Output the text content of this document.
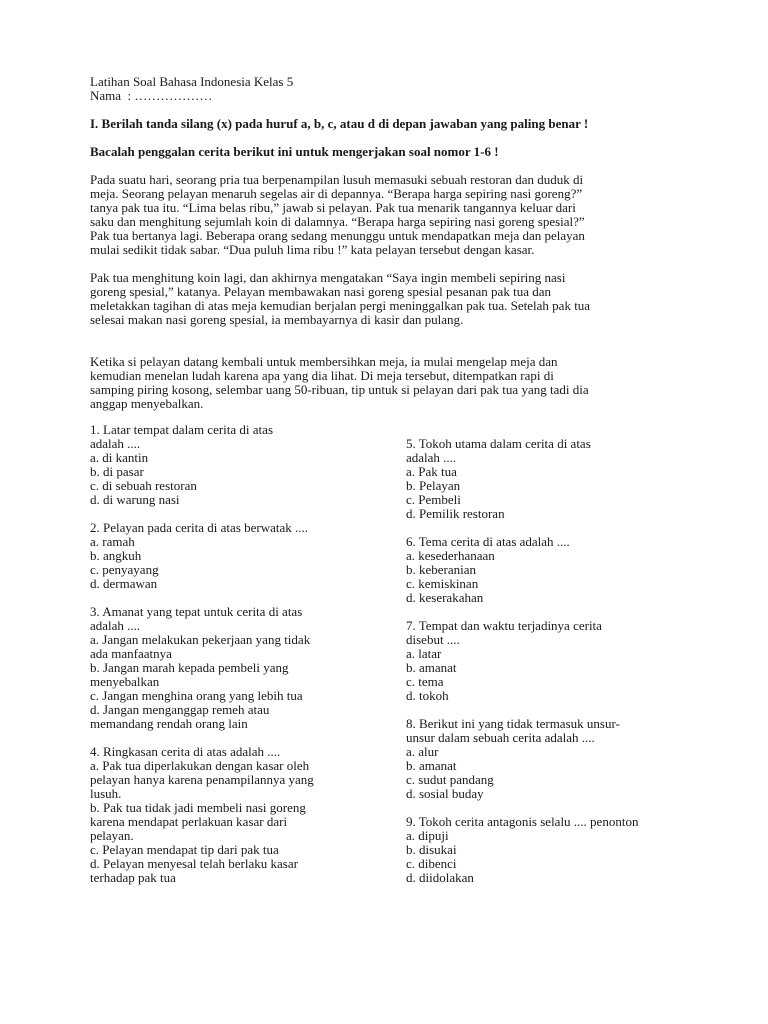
Latihan Soal Bahasa Indonesia Kelas 5
Nama  : ………………
I. Berilah tanda silang (x) pada huruf a, b, c, atau d di depan jawaban yang paling benar !
Bacalah penggalan cerita berikut ini untuk mengerjakan soal nomor 1-6 !
Pada suatu hari, seorang pria tua berpenampilan lusuh memasuki sebuah restoran dan duduk di
meja. Seorang pelayan menaruh segelas air di depannya. “Berapa harga sepiring nasi goreng?”
tanya pak tua itu. “Lima belas ribu,” jawab si pelayan. Pak tua menarik tangannya keluar dari
saku dan menghitung sejumlah koin di dalamnya. “Berapa harga sepiring nasi goreng spesial?”
Pak tua bertanya lagi. Beberapa orang sedang menunggu untuk mendapatkan meja dan pelayan
mulai sedikit tidak sabar. “Dua puluh lima ribu !” kata pelayan tersebut dengan kasar.
Pak tua menghitung koin lagi, dan akhirnya mengatakan “Saya ingin membeli sepiring nasi
goreng spesial,” katanya. Pelayan membawakan nasi goreng spesial pesanan pak tua dan
meletakkan tagihan di atas meja kemudian berjalan pergi meninggalkan pak tua. Setelah pak tua
selesai makan nasi goreng spesial, ia membayarnya di kasir dan pulang.
Ketika si pelayan datang kembali untuk membersihkan meja, ia mulai mengelap meja dan
kemudian menelan ludah karena apa yang dia lihat. Di meja tersebut, ditempatkan rapi di
samping piring kosong, selembar uang 50-ribuan, tip untuk si pelayan dari pak tua yang tadi dia
anggap menyebalkan.
1. Latar tempat dalam cerita di atas
adalah ....
a. di kantin
b. di pasar
c. di sebuah restoran
d. di warung nasi
2. Pelayan pada cerita di atas berwatak ....
a. ramah
b. angkuh
c. penyayang
d. dermawan
3. Amanat yang tepat untuk cerita di atas
adalah ....
a. Jangan melakukan pekerjaan yang tidak
ada manfaatnya
b. Jangan marah kepada pembeli yang
menyebalkan
c. Jangan menghina orang yang lebih tua
d. Jangan menganggap remeh atau
memandang rendah orang lain
4. Ringkasan cerita di atas adalah ....
a. Pak tua diperlakukan dengan kasar oleh
pelayan hanya karena penampilannya yang
lusuh.
b. Pak tua tidak jadi membeli nasi goreng
karena mendapat perlakuan kasar dari
pelayan.
c. Pelayan mendapat tip dari pak tua
d. Pelayan menyesal telah berlaku kasar
terhadap pak tua
5. Tokoh utama dalam cerita di atas
adalah ....
a. Pak tua
b. Pelayan
c. Pembeli
d. Pemilik restoran
6. Tema cerita di atas adalah ....
a. kesederhanaan
b. keberanian
c. kemiskinan
d. keserakahan
7. Tempat dan waktu terjadinya cerita
disebut ....
a. latar
b. amanat
c. tema
d. tokoh
8. Berikut ini yang tidak termasuk unsur-
unsur dalam sebuah cerita adalah ....
a. alur
b. amanat
c. sudut pandang
d. sosial buday
9. Tokoh cerita antagonis selalu .... penonton
a. dipuji
b. disukai
c. dibenci
d. diidolakan
